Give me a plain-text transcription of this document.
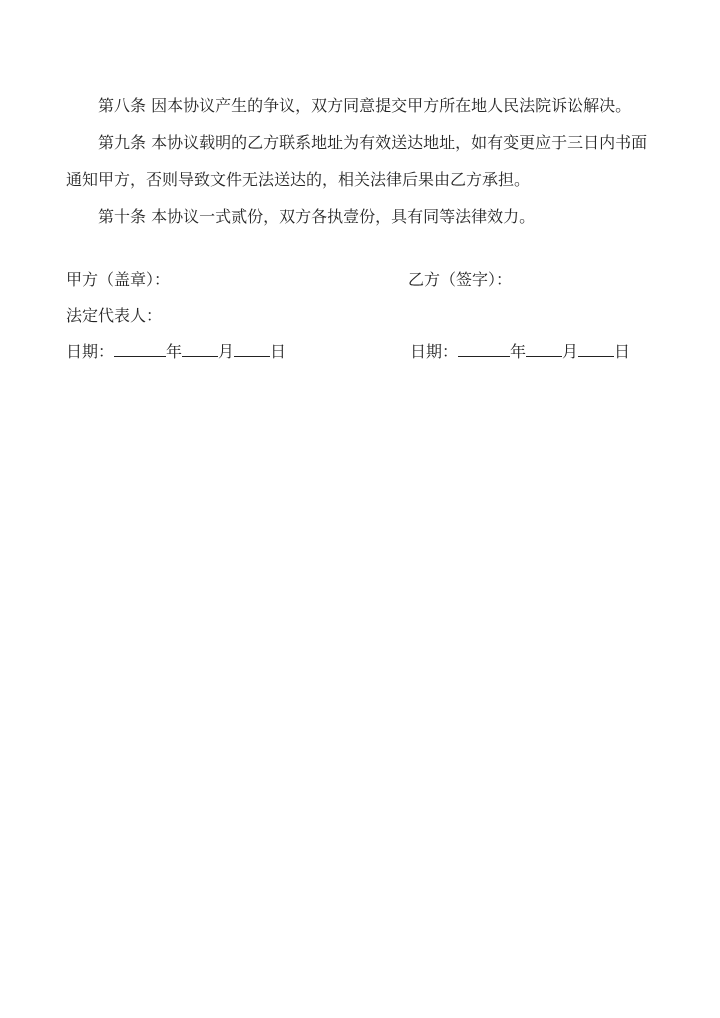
第八条 因本协议产生的争议，双方同意提交甲方所在地人民法院诉讼解决。

第九条 本协议载明的乙方联系地址为有效送达地址，如有变更应于三日内书面通知甲方，否则导致文件无法送达的，相关法律后果由乙方承担。

第十条 本协议一式贰份，双方各执壹份，具有同等法律效力。

甲方（盖章）：
法定代表人：
日期：	年 月 日
乙方（签字）：
日期：	年 月 日
